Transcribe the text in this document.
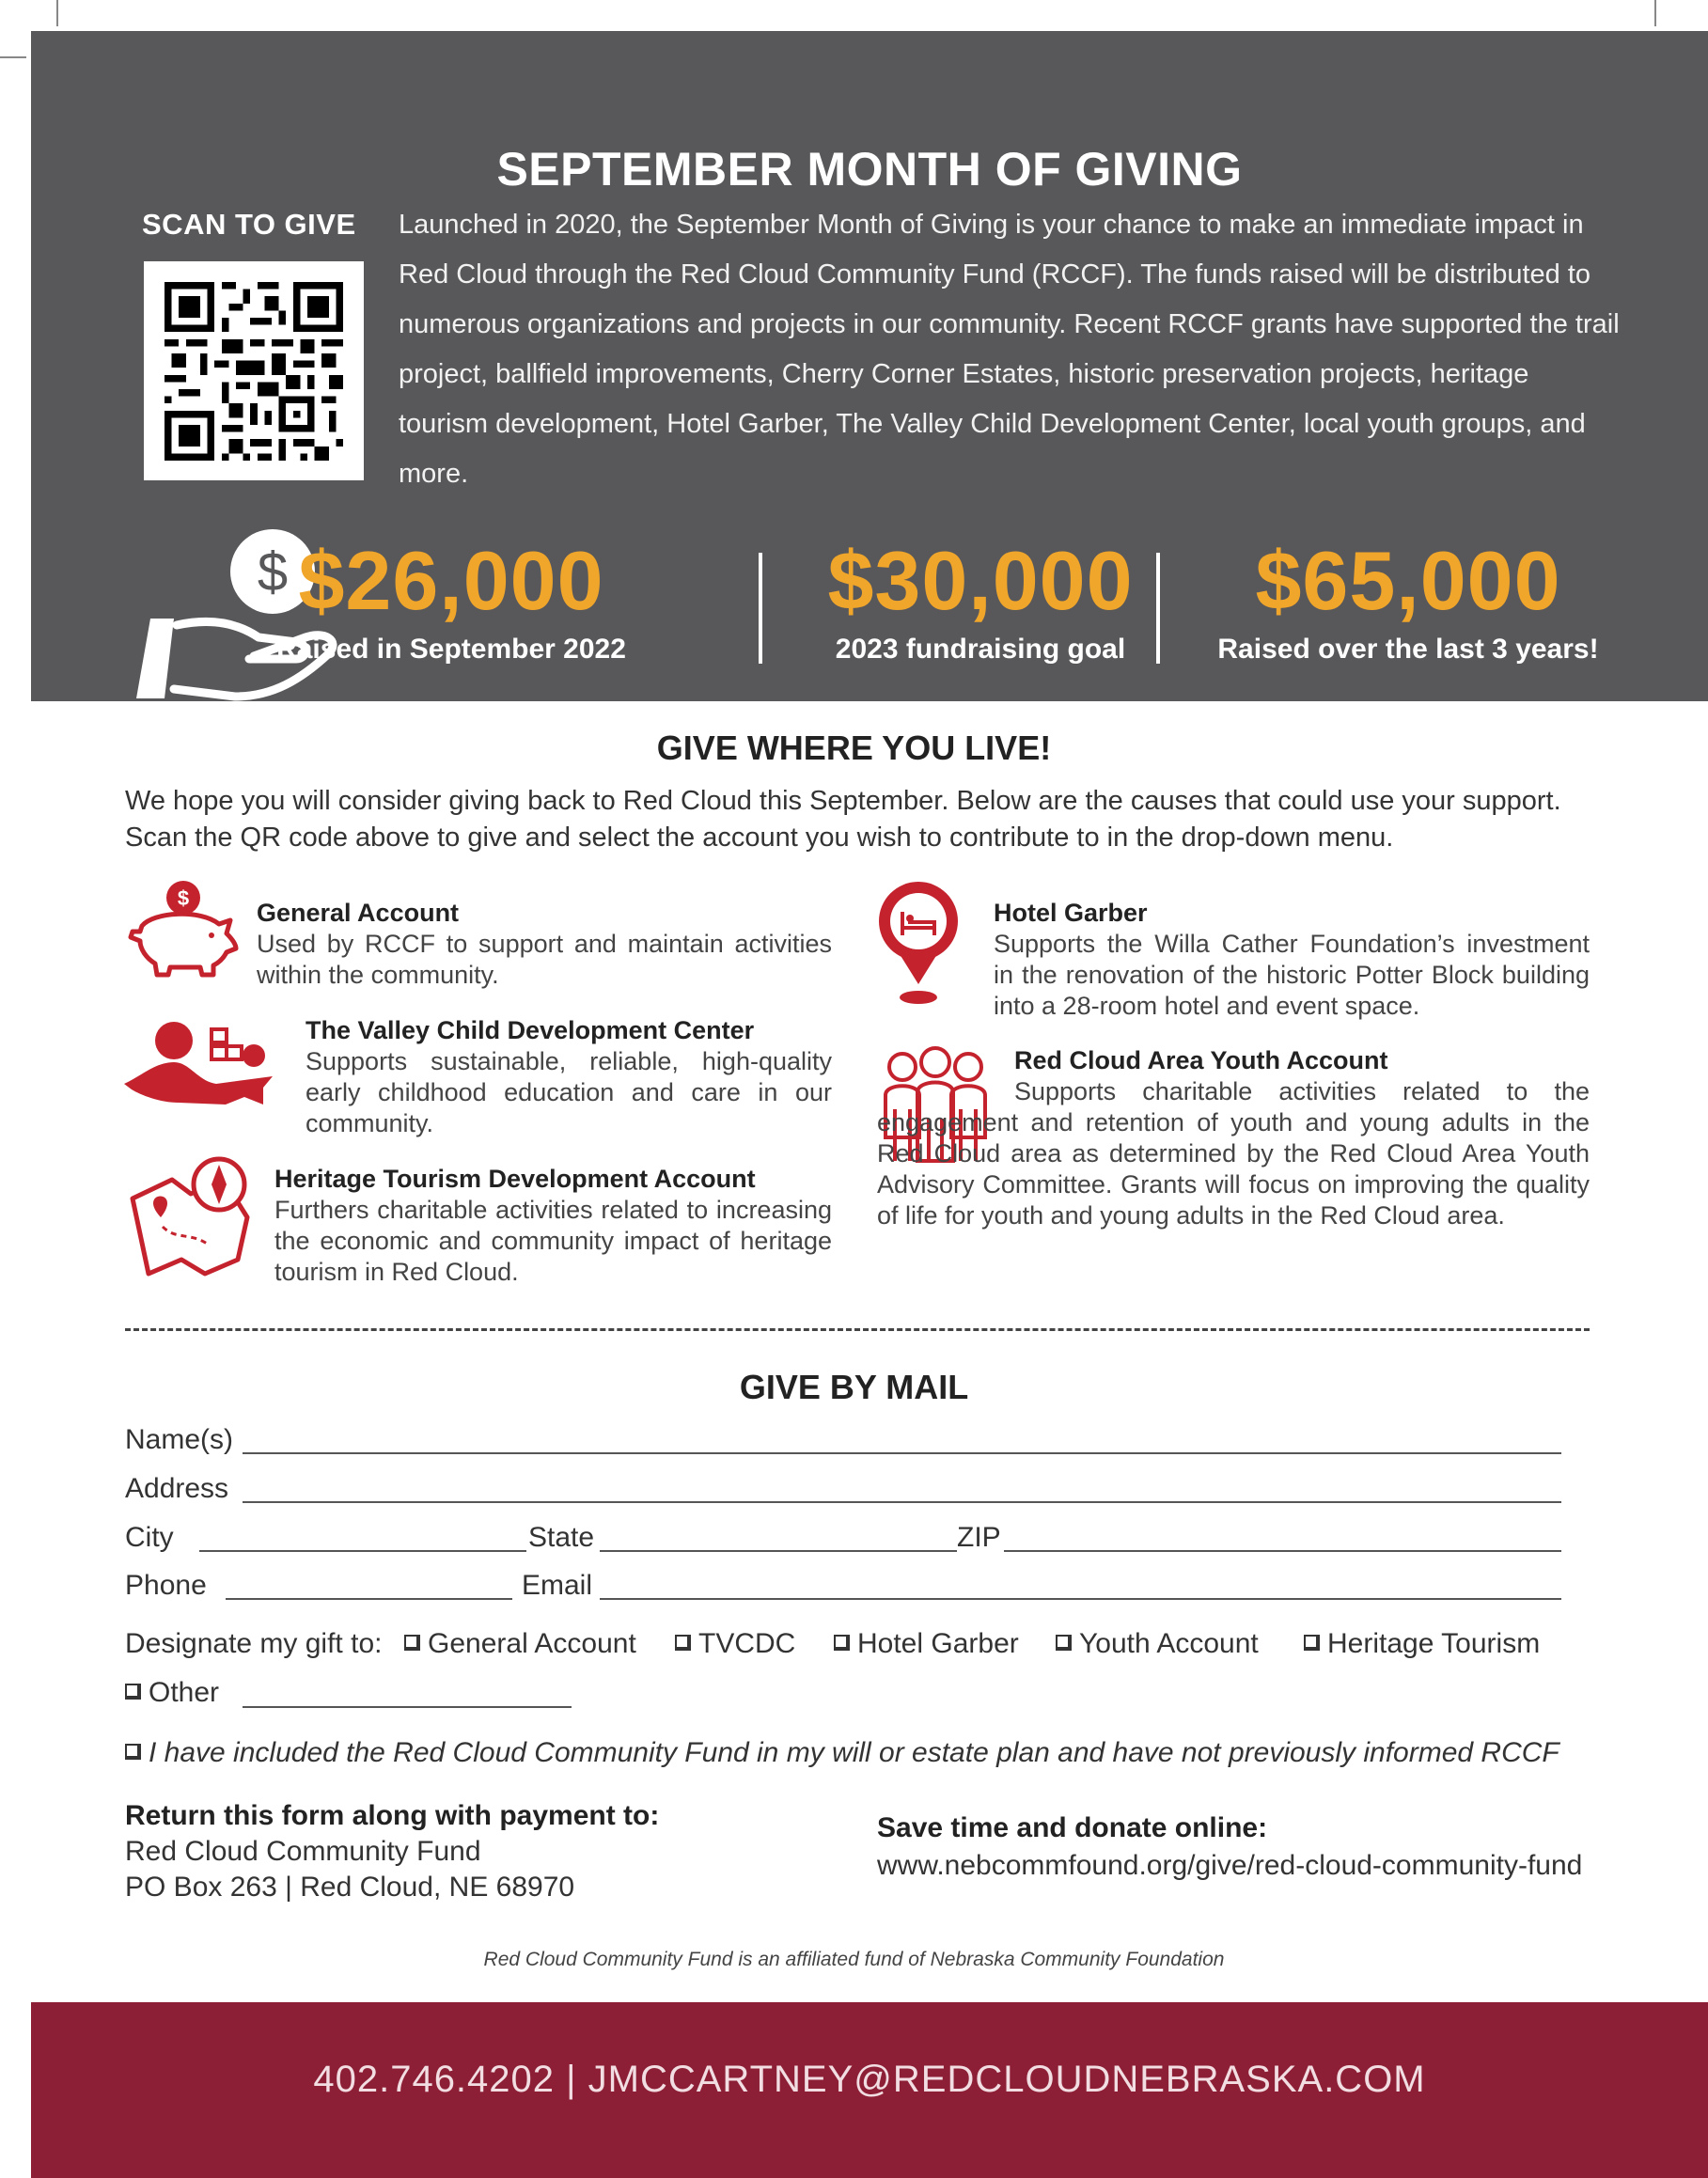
SEPTEMBER MONTH OF GIVING
SCAN TO GIVE Launched in 2020, the September Month of Giving is your chance to make an immediate impact in Red Cloud through the Red Cloud Community Fund (RCCF). The funds raised will be distributed to numerous organizations and projects in our community. Recent RCCF grants have supported the trail project, ballfield improvements, Cherry Corner Estates, historic preservation projects, heritage tourism development, Hotel Garber, The Valley Child Development Center, local youth groups, and more.

$ $26,000
Raised in September 2022
$30,000
2023 fundraising goal
$65,000
Raised over the last 3 years!
GIVE WHERE YOU LIVE!

We hope you will consider giving back to Red Cloud this September. Below are the causes that could use your support. Scan the QR code above to give and select the account you wish to contribute to in the drop-down menu.

$
General Account
Used by RCCF to support and maintain activities within the community.
The Valley Child Development Center
Supports sustainable, reliable, high-quality early childhood education and care in our community.
Heritage Tourism Development Account
Furthers charitable activities related to increasing the economic and community impact of heritage tourism in Red Cloud.
Hotel Garber
Supports the Willa Cather Foundation’s investment in the renovation of the historic Potter Block building into a 28-room hotel and event space.
Red Cloud Area Youth Account
Supports charitable activities related to the engagement and retention of youth and young adults in the Red Cloud area as determined by the Red Cloud Area Youth Advisory Committee. Grants will focus on improving the quality of life for youth and young adults in the Red Cloud area.
GIVE BY MAIL
Name(s)
Address
City	State	ZIP
Phone	Email
Designate my gift to:	General Account	TVCDC	Hotel Garber	Youth Account	Heritage Tourism
Other
I have included the Red Cloud Community Fund in my will or estate plan and have not previously informed RCCF
Return this form along with payment to:
Red Cloud Community Fund
PO Box 263 | Red Cloud, NE 68970
Save time and donate online:
www.nebcommfound.org/give/red-cloud-community-fund
Red Cloud Community Fund is an affiliated fund of Nebraska Community Foundation
402.746.4202 | JMCCARTNEY@REDCLOUDNEBRASKA.COM
